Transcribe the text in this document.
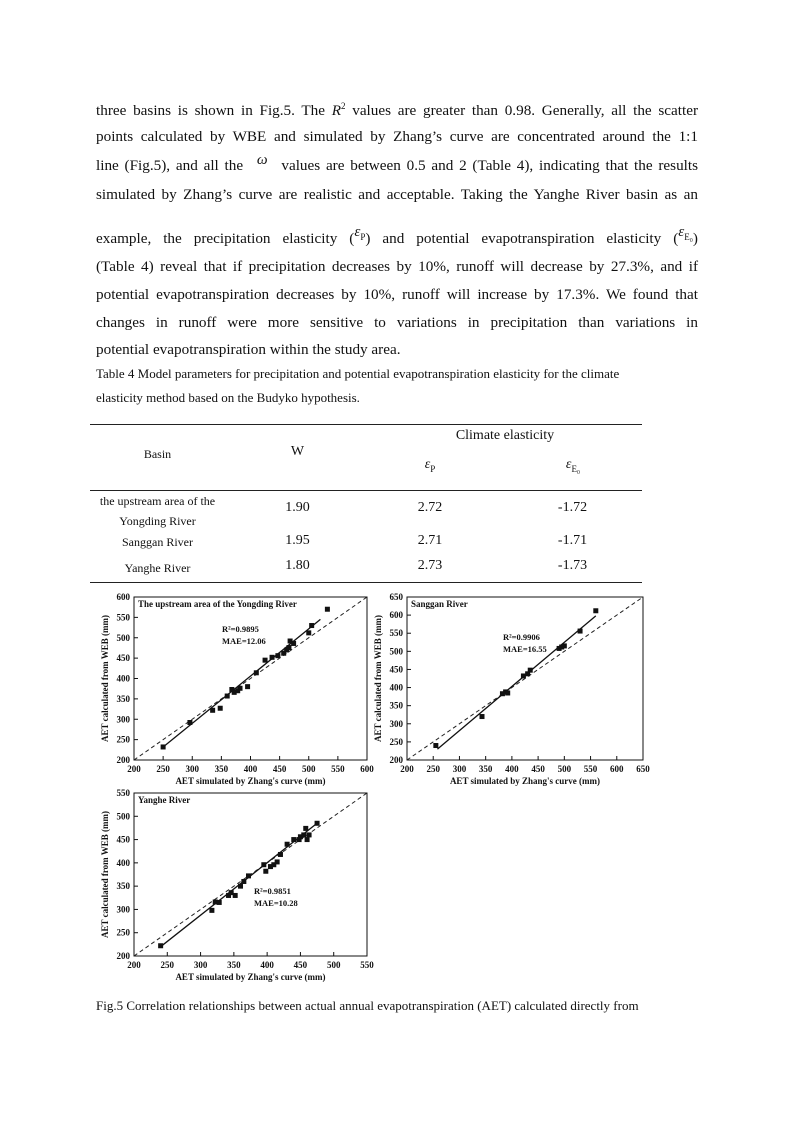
three basins is shown in Fig.5. The $R^2$ values are greater than 0.98. Generally, all the scatter
points calculated by WBE and simulated by Zhang’s curve are concentrated around the 1:1
line (Fig.5), and all the ω values are between 0.5 and 2 (Table 4), indicating that the results
simulated by Zhang’s curve are realistic and acceptable. Taking the Yanghe River basin as an
example, the precipitation elasticity $(\varepsilon_P)$ and potential evapotranspiration elasticity $(\varepsilon_{E_0})$
(Table 4) reveal that if precipitation decreases by 10%, runoff will decrease by 27.3%, and if
potential evapotranspiration decreases by 10%, runoff will increase by 17.3%. We found that
changes in runoff were more sensitive to variations in precipitation than variations in
potential evapotranspiration within the study area.
Table 4 Model parameters for precipitation and potential evapotranspiration elasticity for the climate
elasticity method based on the Budyko hypothesis.
Basin	W
Climate elasticity
$\varepsilon_P$	$\varepsilon_{E_0}$
the upstream area of the
Yongding River
1.90	2.72	-1.72
Sanggan River	1.95	2.71	-1.71
Yanghe River	1.80	2.73	-1.73
200 250 300 350 400 450 500 550 600
200
250
300
350
400
450
500
550
600
The upstream area of the Yongding River
R²=0.9895
MAE=12.06
AET simulated by Zhang's curve (mm)
AET calculated from WEB (mm)
200 250 300 350 400 450 500 550 600 650
200
250
300
350
400
450
500
550
600
650
Sanggan River
R²=0.9906
MAE=16.55
AET simulated by Zhang's curve (mm)
AET calculated from WEB (mm)
200 250 300 350 400 450 500 550
200
250
300
350
400
450
500
550
Yanghe River
R²=0.9851
MAE=10.28
AET simulated by Zhang's curve (mm)
AET calculated from WEB (mm)
Fig.5 Correlation relationships between actual annual evapotranspiration (AET) calculated directly from
